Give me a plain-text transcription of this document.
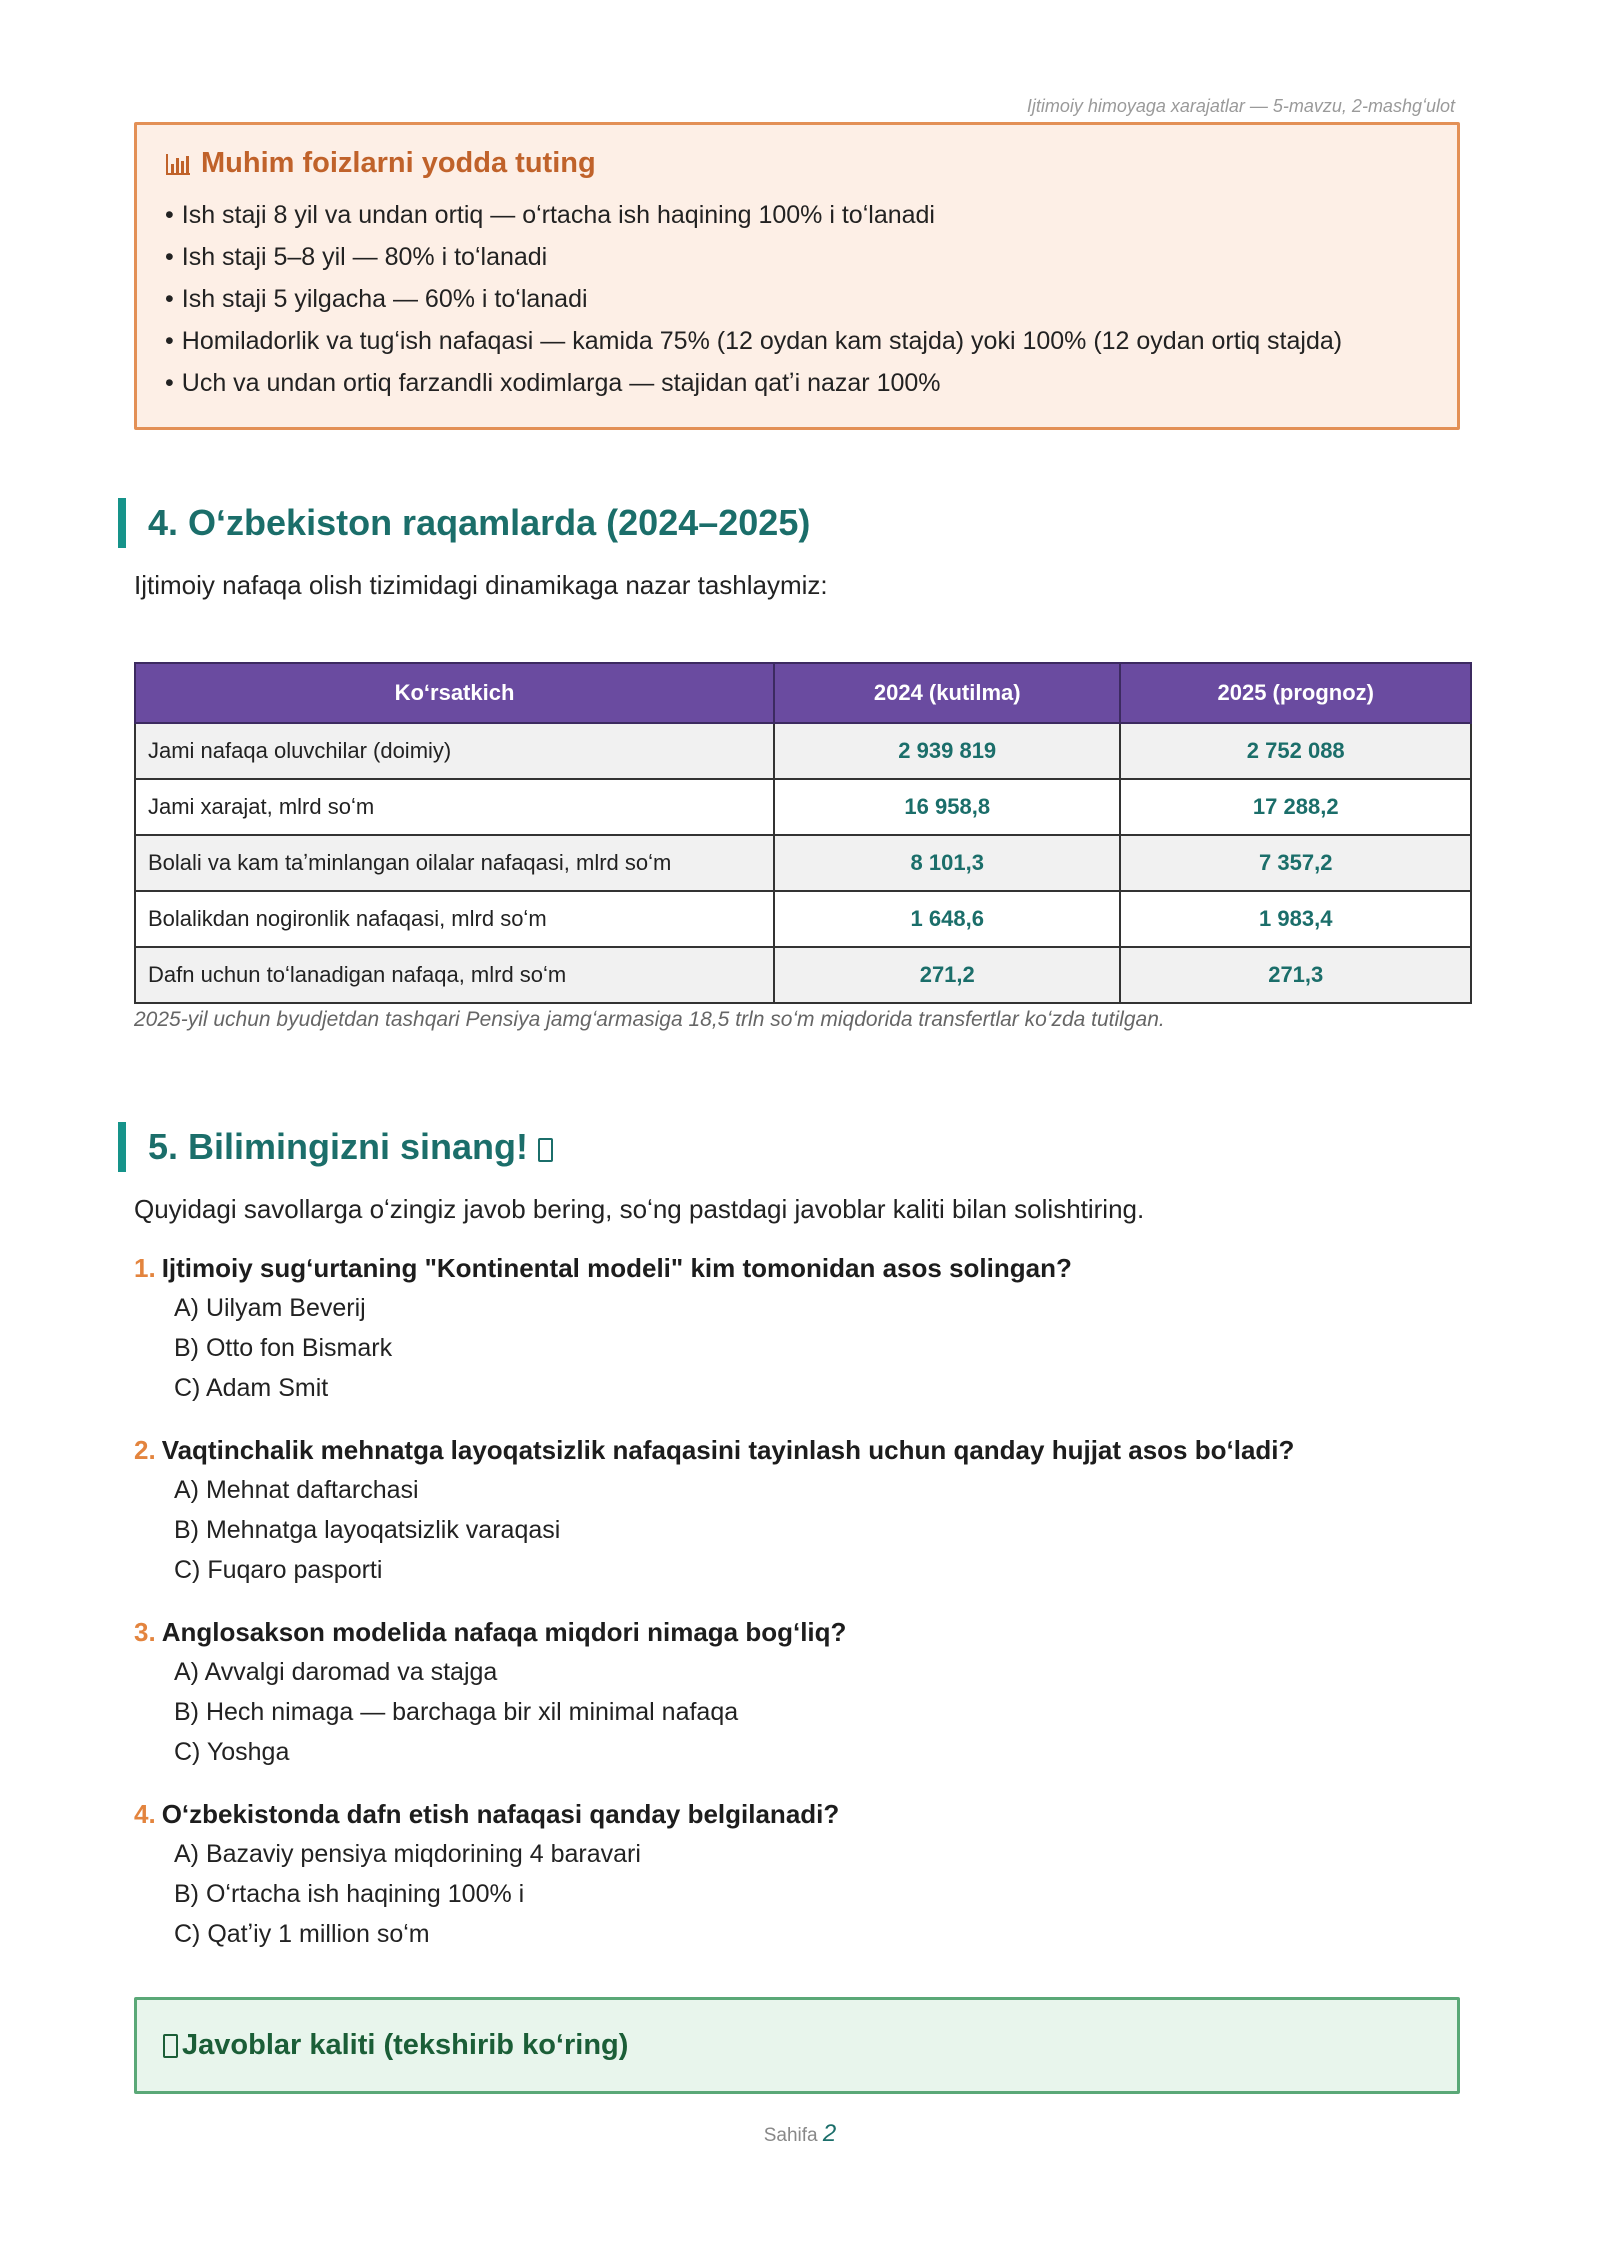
Ijtimoiy himoyaga xarajatlar — 5-mavzu, 2-mashgʻulot
Muhim foizlarni yodda tuting
• Ish staji 8 yil va undan ortiq — oʻrtacha ish haqining 100% i toʻlanadi
• Ish staji 5–8 yil — 80% i toʻlanadi
• Ish staji 5 yilgacha — 60% i toʻlanadi
• Homiladorlik va tugʻish nafaqasi — kamida 75% (12 oydan kam stajda) yoki 100% (12 oydan ortiq stajda)
• Uch va undan ortiq farzandli xodimlarga — stajidan qatʼi nazar 100%
4. Oʻzbekiston raqamlarda (2024–2025)

Ijtimoiy nafaqa olish tizimidagi dinamikaga nazar tashlaymiz:

Koʻrsatkich	2024 (kutilma)	2025 (prognoz)
Jami nafaqa oluvchilar (doimiy)	2 939 819	2 752 088
Jami xarajat, mlrd soʻm	16 958,8	17 288,2
Bolali va kam taʼminlangan oilalar nafaqasi, mlrd soʻm	8 101,3	7 357,2
Bolalikdan nogironlik nafaqasi, mlrd soʻm	1 648,6	1 983,4
Dafn uchun toʻlanadigan nafaqa, mlrd soʻm	271,2	271,3

2025-yil uchun byudjetdan tashqari Pensiya jamgʻarmasiga 18,5 trln soʻm miqdorida transfertlar koʻzda tutilgan.

5. Bilimingizni sinang!

Quyidagi savollarga oʻzingiz javob bering, soʻng pastdagi javoblar kaliti bilan solishtiring.

1. Ijtimoiy sugʻurtaning "Kontinental modeli" kim tomonidan asos solingan?
A) Uilyam Beverij
B) Otto fon Bismark
C) Adam Smit
2. Vaqtinchalik mehnatga layoqatsizlik nafaqasini tayinlash uchun qanday hujjat asos boʻladi?
A) Mehnat daftarchasi
B) Mehnatga layoqatsizlik varaqasi
C) Fuqaro pasporti
3. Anglosakson modelida nafaqa miqdori nimaga bogʻliq?
A) Avvalgi daromad va stajga
B) Hech nimaga — barchaga bir xil minimal nafaqa
C) Yoshga
4. Oʻzbekistonda dafn etish nafaqasi qanday belgilanadi?
A) Bazaviy pensiya miqdorining 4 baravari
B) Oʻrtacha ish haqining 100% i
C) Qatʼiy 1 million soʻm
Javoblar kaliti (tekshirib koʻring)
Sahifa 2
